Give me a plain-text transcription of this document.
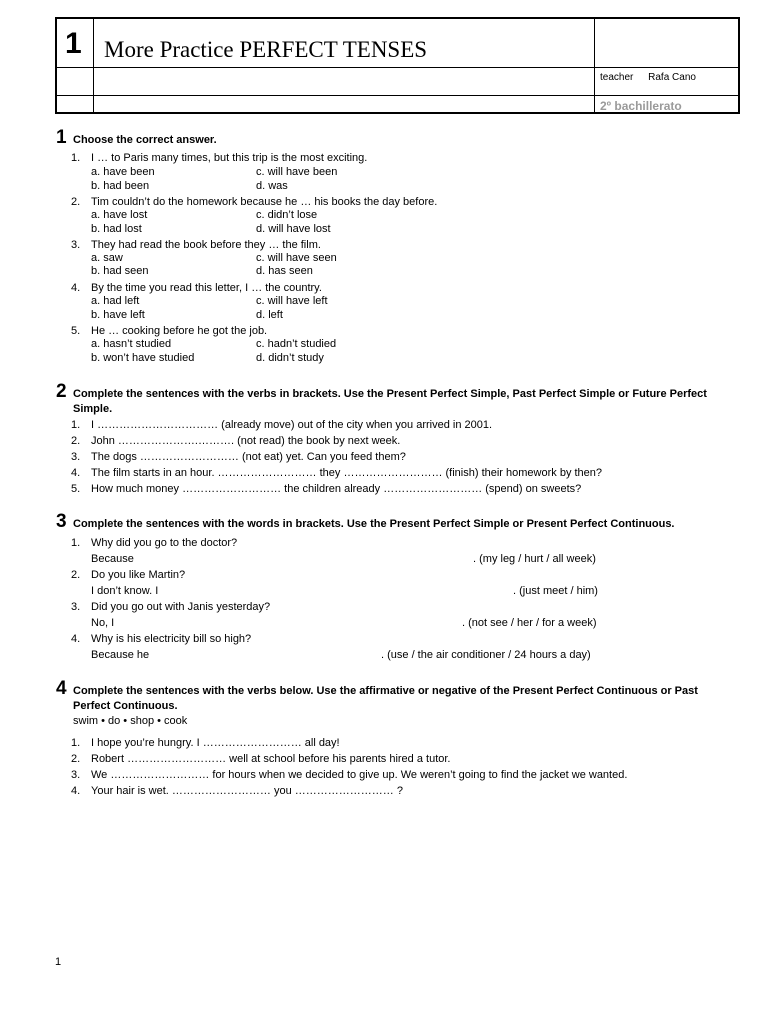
1 More Practice PERFECT TENSES
teacher Rafa Cano
2º bachillerato
1 Choose the correct answer.
1. I … to Paris many times, but this trip is the most exciting.
a. have been	c. will have been
b. had been	d. was
2. Tim couldn’t do the homework because he … his books the day before.
a. have lost	c. didn’t lose
b. had lost	d. will have lost
3. They had read the book before they … the film.
a. saw	c. will have seen
b. had seen	d. has seen
4. By the time you read this letter, I … the country.
a. had left	c. will have left
b. have left	d. left
5. He … cooking before he got the job.
a. hasn’t studied	c. hadn’t studied
b. won’t have studied	d. didn’t study
2 Complete the sentences with the verbs in brackets. Use the Present Perfect Simple, Past Perfect Simple or Future Perfect Simple.
1. I …………………………… (already move) out of the city when you arrived in 2001.
2. John ………………….………. (not read) the book by next week.
3. The dogs ……………………… (not eat) yet. Can you feed them?
4. The film starts in an hour. ……………………… they ……………………… (finish) their homework by then?
5. How much money ……………………… the children already ……………………… (spend) on sweets?
3 Complete the sentences with the words in brackets. Use the Present Perfect Simple or Present Perfect Continuous.
1. Why did you go to the doctor?
Because	. (my leg / hurt / all week)
2. Do you like Martin?
I don’t know. I	. (just meet / him)
3. Did you go out with Janis yesterday?
No, I	. (not see / her / for a week)
4. Why is his electricity bill so high?
Because he	. (use / the air conditioner / 24 hours a day)
4 Complete the sentences with the verbs below. Use the affirmative or negative of the Present Perfect Continuous or Past Perfect Continuous.
swim • do • shop • cook
1. I hope you’re hungry. I ……………………… all day!
2. Robert ……………………… well at school before his parents hired a tutor.
3. We ……………………… for hours when we decided to give up. We weren’t going to find the jacket we wanted.
4. Your hair is wet. ……………………… you ……………………… ?
1
